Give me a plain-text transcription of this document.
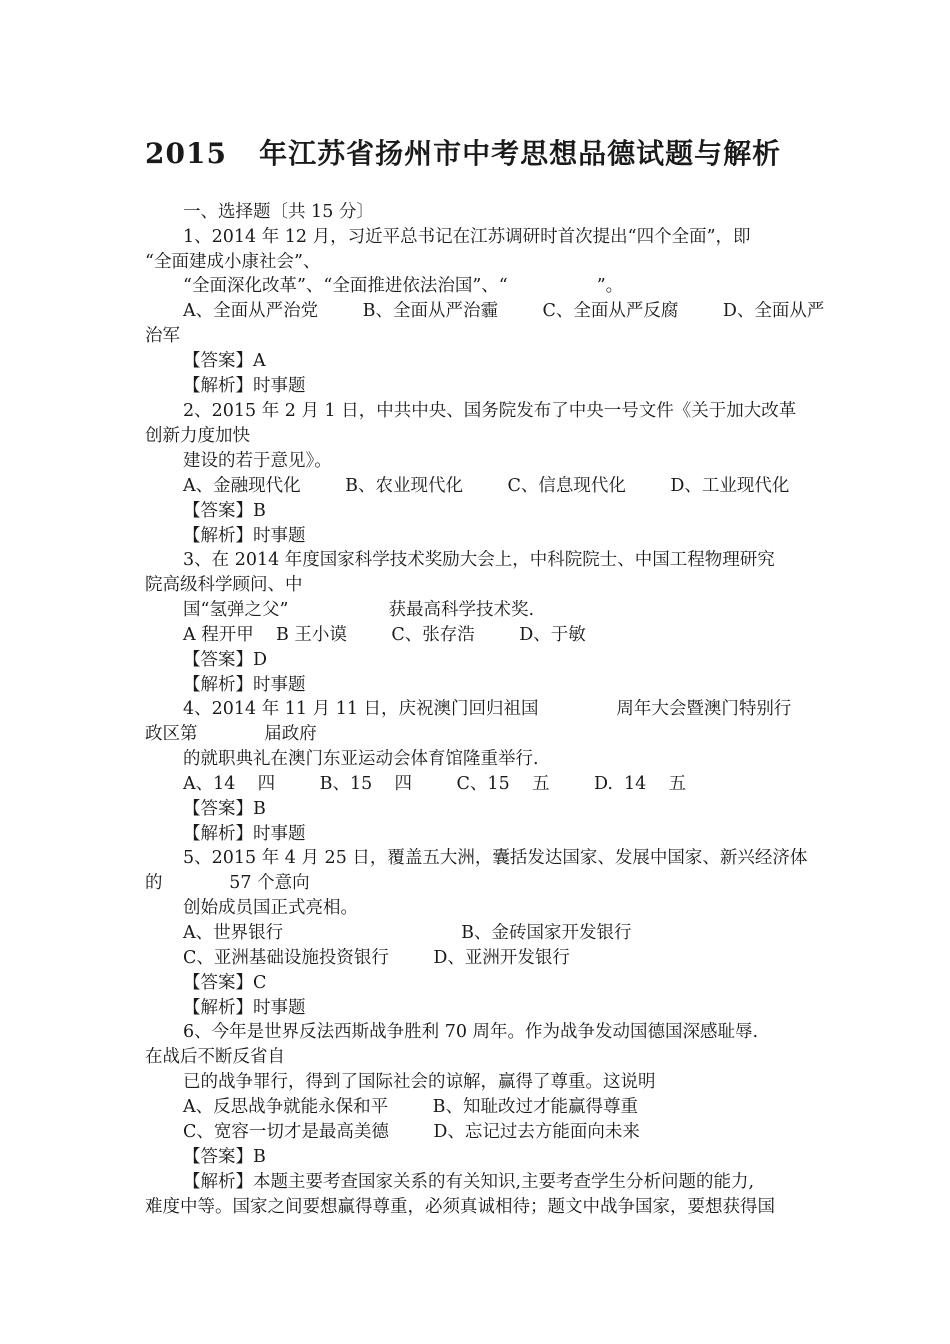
2015   年江苏省扬州市中考思想品德试题与解析
一、选择题〔共 15 分〕
1、2014 年 12 月，习近平总书记在江苏调研时首次提出“四个全面”，即
“全面建成小康社会”、
“全面深化改革”、“全面推进依法治国”、“                ”。
A、全面从严治党        B、全面从严治霾        C、全面从严反腐        D、全面从严
治军
【答案】A
【解析】时事题
2、2015 年 2 月 1 日，中共中央、国务院发布了中央一号文件《关于加大改革
创新力度加快
建设的若于意见》。
A、金融现代化        B、农业现代化        C、信息现代化        D、工业现代化
【答案】B
【解析】时事题
3、在 2014 年度国家科学技术奖励大会上，中科院院士、中国工程物理研究
院高级科学顾问、中
国“氢弹之父”                  获最高科学技术奖.
A 程开甲    B 王小谟        C、张存浩        D、于敏
【答案】D
【解析】时事题
4、2014 年 11 月 11 日，庆祝澳门回归祖国              周年大会暨澳门特别行
政区第            届政府
的就职典礼在澳门东亚运动会体育馆隆重举行.
A、14    四        B、15    四        C、15    五        D.  14    五
【答案】B
【解析】时事题
5、2015 年 4 月 25 日，覆盖五大洲，囊括发达国家、发展中国家、新兴经济体
的            57 个意向
创始成员国正式亮相。
A、世界银行                                B、金砖国家开发银行
C、亚洲基础设施投资银行        D、亚洲开发银行
【答案】C
【解析】时事题
6、今年是世界反法西斯战争胜利 70 周年。作为战争发动国德国深感耻辱.
在战后不断反省自
已的战争罪行，得到了国际社会的谅解，赢得了尊重。这说明
A、反思战争就能永保和平        B、知耻改过才能赢得尊重
C、宽容一切才是最高美德        D、忘记过去方能面向未来
【答案】B
【解析】本题主要考查国家关系的有关知识,主要考查学生分析问题的能力,
难度中等。国家之间要想赢得尊重，必须真诚相待；题文中战争国家，要想获得国
